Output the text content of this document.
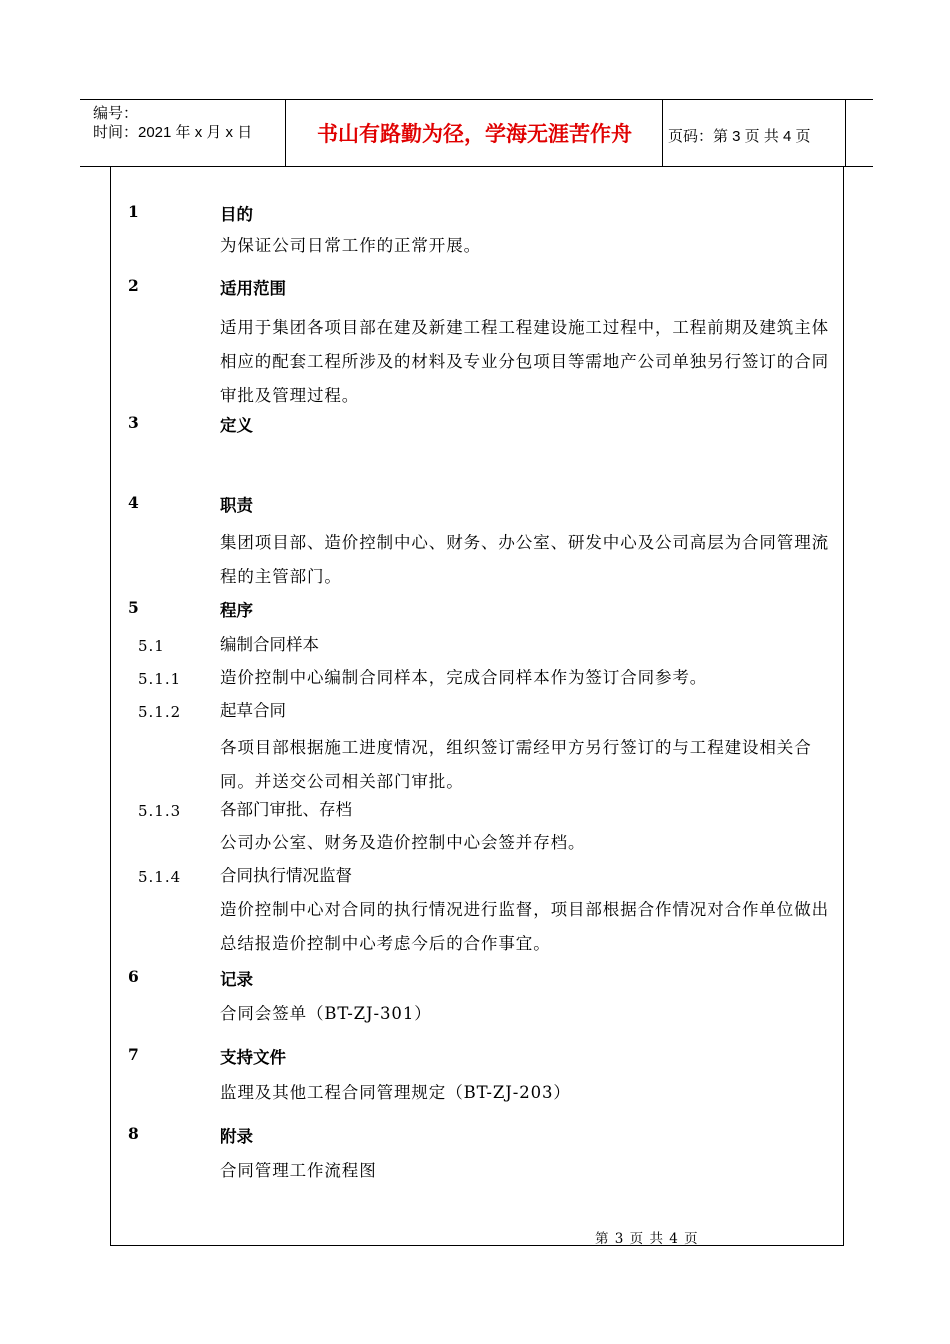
编号：
时间：2021 年 x 月 x 日	书山有路勤为径，学海无涯苦作舟	页码：第 3 页 共 4 页
1	目的
为保证公司日常工作的正常开展。
2	适用范围
适用于集团各项目部在建及新建工程工程建设施工过程中，工程前期及建筑主体相应的配套工程所涉及的材料及专业分包项目等需地产公司单独另行签订的合同审批及管理过程。
3	定义
4	职责
集团项目部、造价控制中心、财务、办公室、研发中心及公司高层为合同管理流程的主管部门。
5	程序
5.1	编制合同样本
5.1.1 造价控制中心编制合同样本，完成合同样本作为签订合同参考。
5.1.2 起草合同
各项目部根据施工进度情况，组织签订需经甲方另行签订的与工程建设相关合同。并送交公司相关部门审批。
5.1.3 各部门审批、存档
公司办公室、财务及造价控制中心会签并存档。
5.1.4 合同执行情况监督
造价控制中心对合同的执行情况进行监督，项目部根据合作情况对合作单位做出总结报造价控制中心考虑今后的合作事宜。
6	记录
合同会签单（BT-ZJ-301）
7	支持文件
监理及其他工程合同管理规定（BT-ZJ-203）
8	附录
合同管理工作流程图
第 3 页 共 4 页
